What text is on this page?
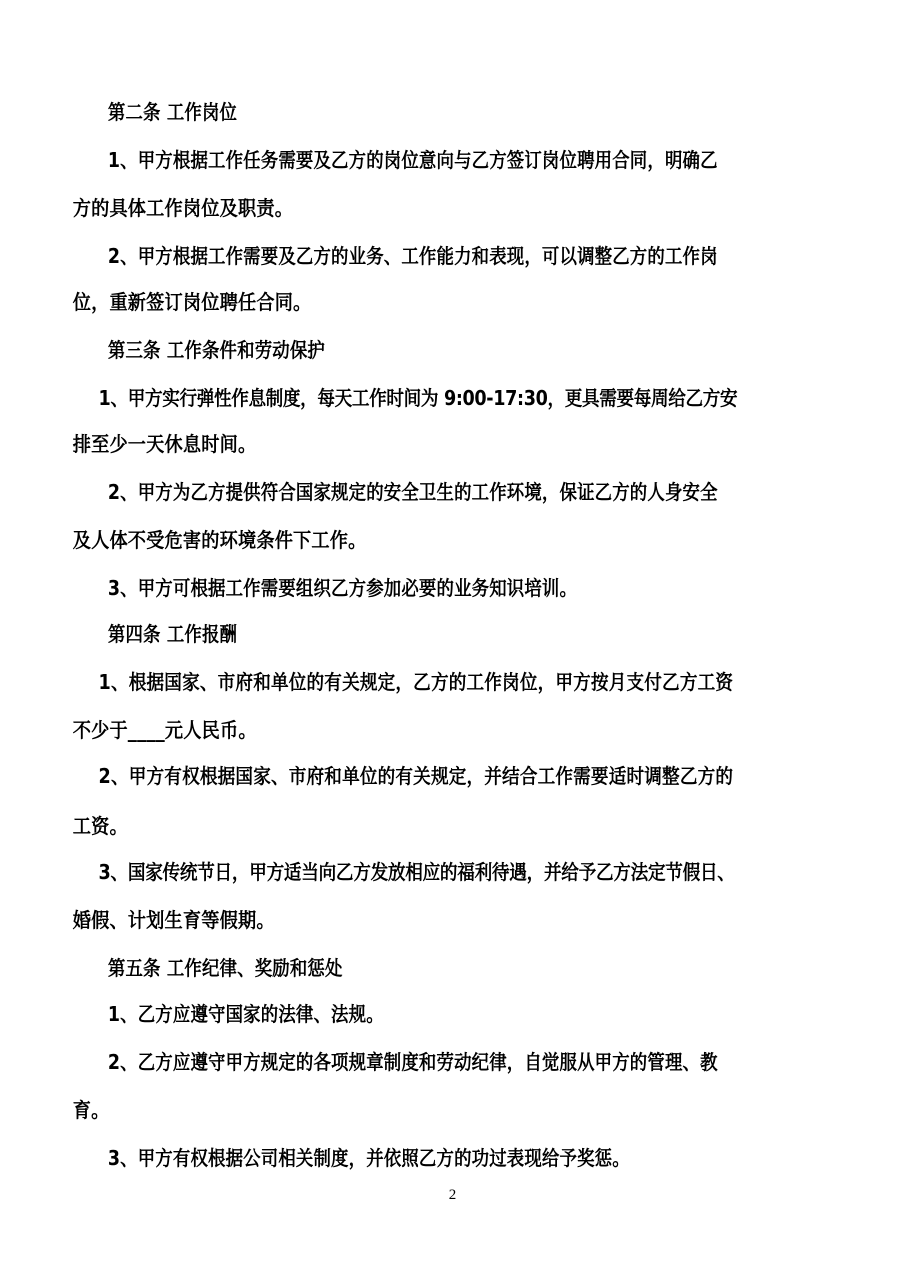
第二条 工作岗位
1、甲方根据工作任务需要及乙方的岗位意向与乙方签订岗位聘用合同，明确乙
方的具体工作岗位及职责。
2、甲方根据工作需要及乙方的业务、工作能力和表现，可以调整乙方的工作岗
位，重新签订岗位聘任合同。
第三条 工作条件和劳动保护
1、甲方实行弹性作息制度，每天工作时间为 9:00-17:30，更具需要每周给乙方安
排至少一天休息时间。
2、甲方为乙方提供符合国家规定的安全卫生的工作环境，保证乙方的人身安全
及人体不受危害的环境条件下工作。
3、甲方可根据工作需要组织乙方参加必要的业务知识培训。
第四条 工作报酬
1、根据国家、市府和单位的有关规定，乙方的工作岗位，甲方按月支付乙方工资
不少于____元人民币。
2、甲方有权根据国家、市府和单位的有关规定，并结合工作需要适时调整乙方的
工资。
3、国家传统节日，甲方适当向乙方发放相应的福利待遇，并给予乙方法定节假日、
婚假、计划生育等假期。
第五条 工作纪律、奖励和惩处
1、乙方应遵守国家的法律、法规。
2、乙方应遵守甲方规定的各项规章制度和劳动纪律，自觉服从甲方的管理、教
育。
3、甲方有权根据公司相关制度，并依照乙方的功过表现给予奖惩。
2
